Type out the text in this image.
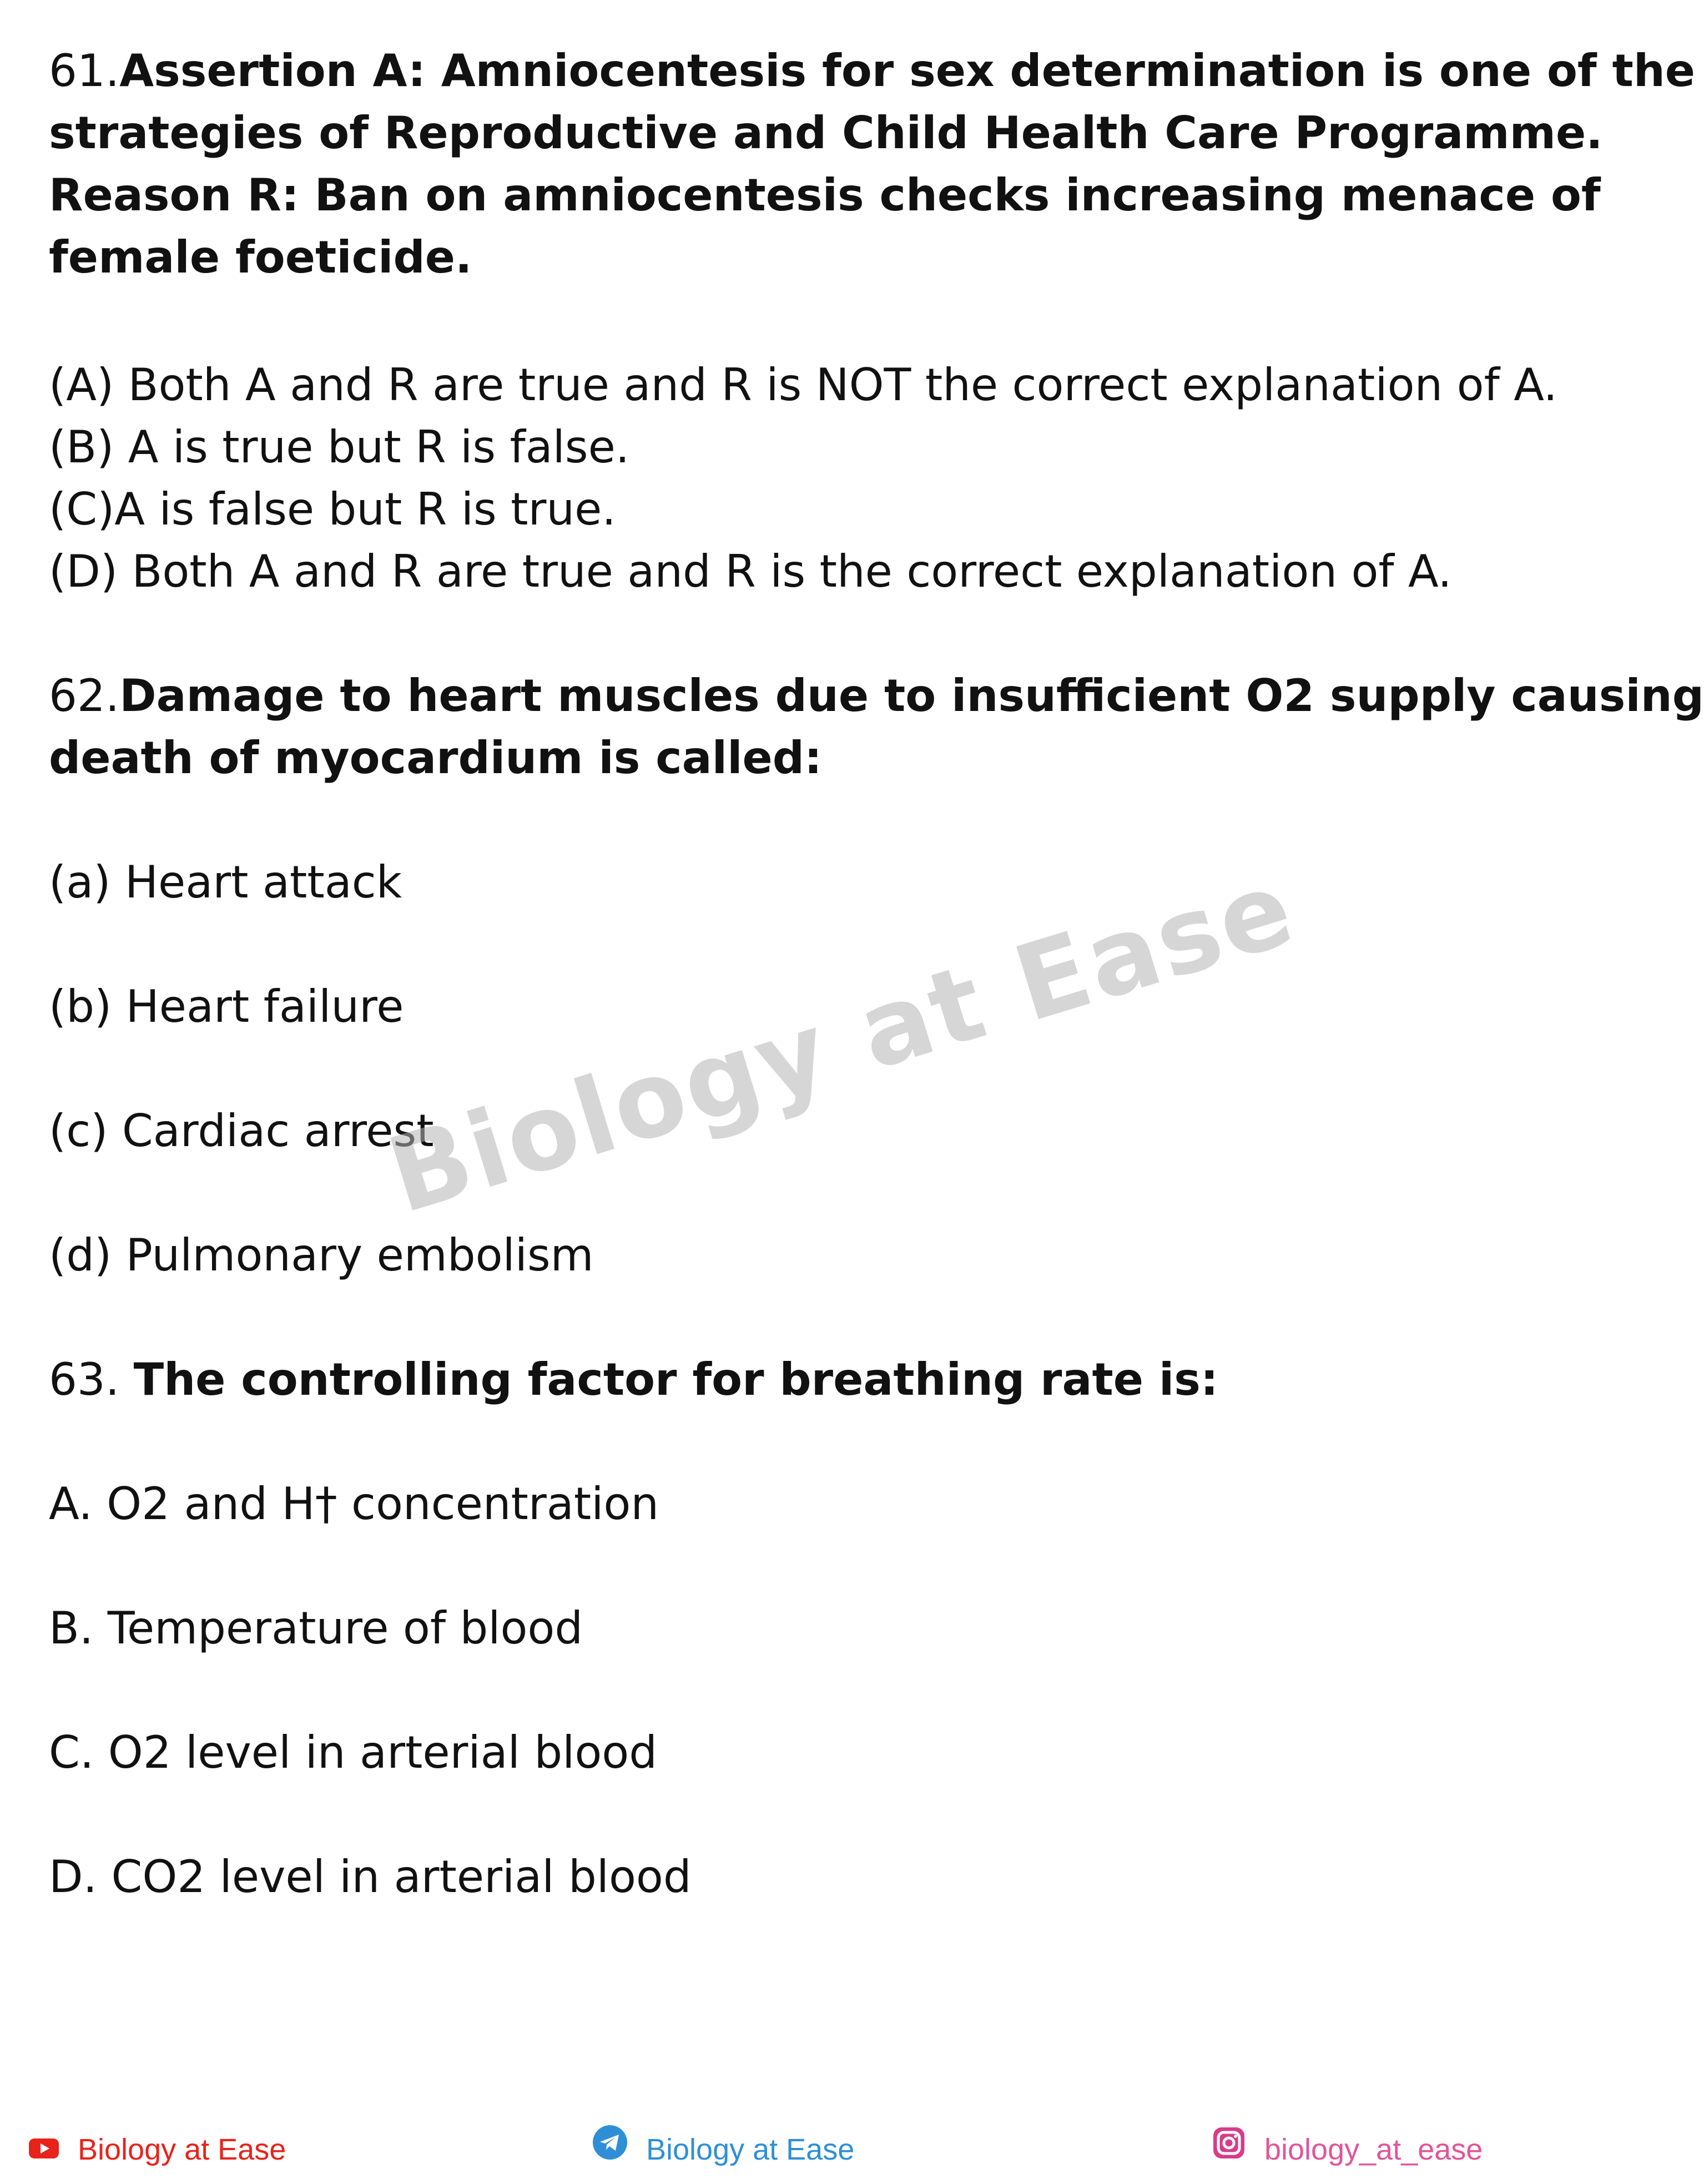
61.Assertion A: Amniocentesis for sex determination is one of the

strategies of Reproductive and Child Health Care Programme.

Reason R: Ban on amniocentesis checks increasing menace of

female foeticide.

(A) Both A and R are true and R is NOT the correct explanation of A.

(B) A is true but R is false.

(C)A is false but R is true.

(D) Both A and R are true and R is the correct explanation of A.

62.Damage to heart muscles due to insufficient O2 supply causing

death of myocardium is called:

(a) Heart attack

(b) Heart failure

(c) Cardiac arrest

(d) Pulmonary embolism

63. The controlling factor for breathing rate is:

A. O2 and H† concentration

B. Temperature of blood

C. O2 level in arterial blood

D. CO2 level in arterial blood

Biology at Ease
Biology at Ease	Biology at Ease	biology_at_ease
